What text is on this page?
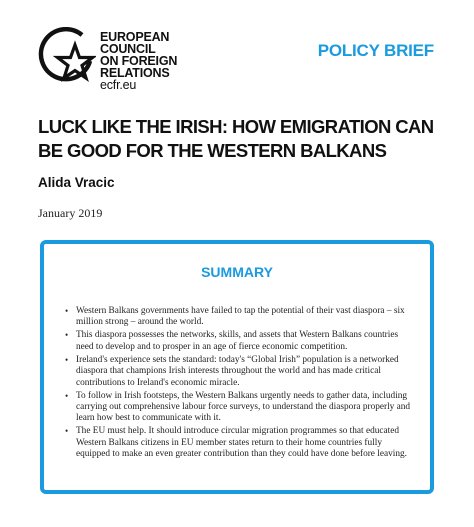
EUROPEAN
COUNCIL
ON FOREIGN
RELATIONS
ecfr.eu
POLICY BRIEF
LUCK LIKE THE IRISH: HOW EMIGRATION CAN
BE GOOD FOR THE WESTERN BALKANS
Alida Vracic
January 2019
SUMMARY
• Western Balkans governments have failed to tap the potential of their vast diaspora – six million strong – around the world.
• This diaspora possesses the networks, skills, and assets that Western Balkans countries need to develop and to prosper in an age of fierce economic competition.
• Ireland's experience sets the standard: today's “Global Irish” population is a networked diaspora that champions Irish interests throughout the world and has made critical contributions to Ireland's economic miracle.
• To follow in Irish footsteps, the Western Balkans urgently needs to gather data, including carrying out comprehensive labour force surveys, to understand the diaspora properly and learn how best to communicate with it.
• The EU must help. It should introduce circular migration programmes so that educated Western Balkans citizens in EU member states return to their home countries fully equipped to make an even greater contribution than they could have done before leaving.
